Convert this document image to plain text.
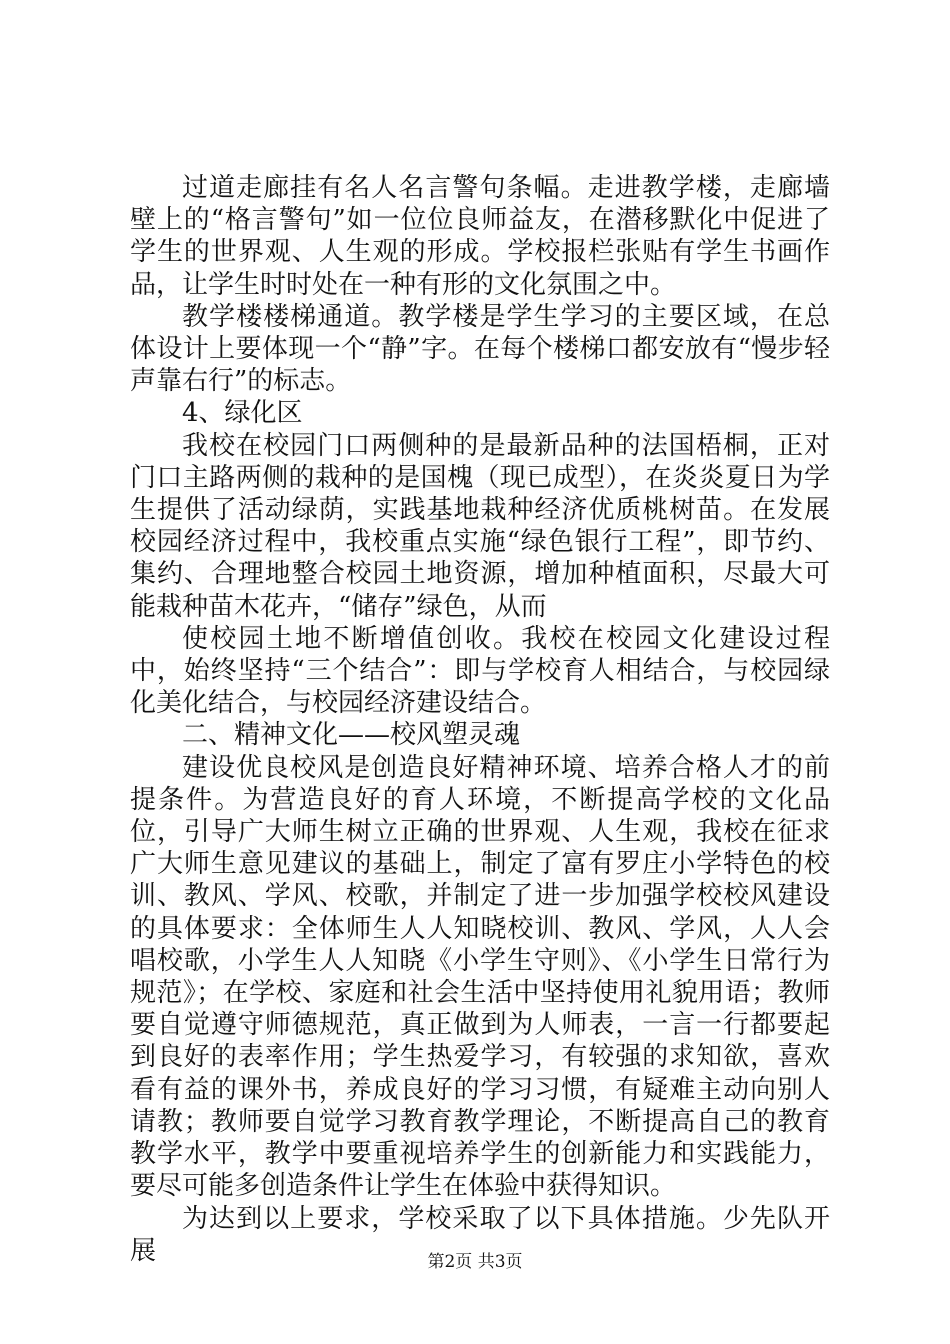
过道走廊挂有名人名言警句条幅。走进教学楼，走廊墙壁上的“格言警句”如一位位良师益友，在潜移默化中促进了学生的世界观、人生观的形成。学校报栏张贴有学生书画作品，让学生时时处在一种有形的文化氛围之中。

教学楼楼梯通道。教学楼是学生学习的主要区域，在总体设计上要体现一个“静”字。在每个楼梯口都安放有“慢步轻声靠右行”的标志。

4、绿化区

我校在校园门口两侧种的是最新品种的法国梧桐，正对门口主路两侧的栽种的是国槐（现已成型），在炎炎夏日为学生提供了活动绿荫，实践基地栽种经济优质桃树苗。在发展校园经济过程中，我校重点实施“绿色银行工程”，即节约、集约、合理地整合校园土地资源，增加种植面积，尽最大可能栽种苗木花卉，“储存”绿色，从而

使校园土地不断增值创收。我校在校园文化建设过程中，始终坚持“三个结合”：即与学校育人相结合，与校园绿化美化结合，与校园经济建设结合。

二、精神文化——校风塑灵魂

建设优良校风是创造良好精神环境、培养合格人才的前提条件。为营造良好的育人环境，不断提高学校的文化品位，引导广大师生树立正确的世界观、人生观，我校在征求广大师生意见建议的基础上，制定了富有罗庄小学特色的校训、教风、学风、校歌，并制定了进一步加强学校校风建设的具体要求：全体师生人人知晓校训、教风、学风，人人会唱校歌，小学生人人知晓《小学生守则》、《小学生日常行为规范》；在学校、家庭和社会生活中坚持使用礼貌用语；教师要自觉遵守师德规范，真正做到为人师表，一言一行都要起到良好的表率作用；学生热爱学习，有较强的求知欲，喜欢看有益的课外书，养成良好的学习习惯，有疑难主动向别人请教；教师要自觉学习教育教学理论，不断提高自己的教育教学水平，教学中要重视培养学生的创新能力和实践能力，要尽可能多创造条件让学生在体验中获得知识。

为达到以上要求，学校采取了以下具体措施。少先队开展	第2页 共3页
